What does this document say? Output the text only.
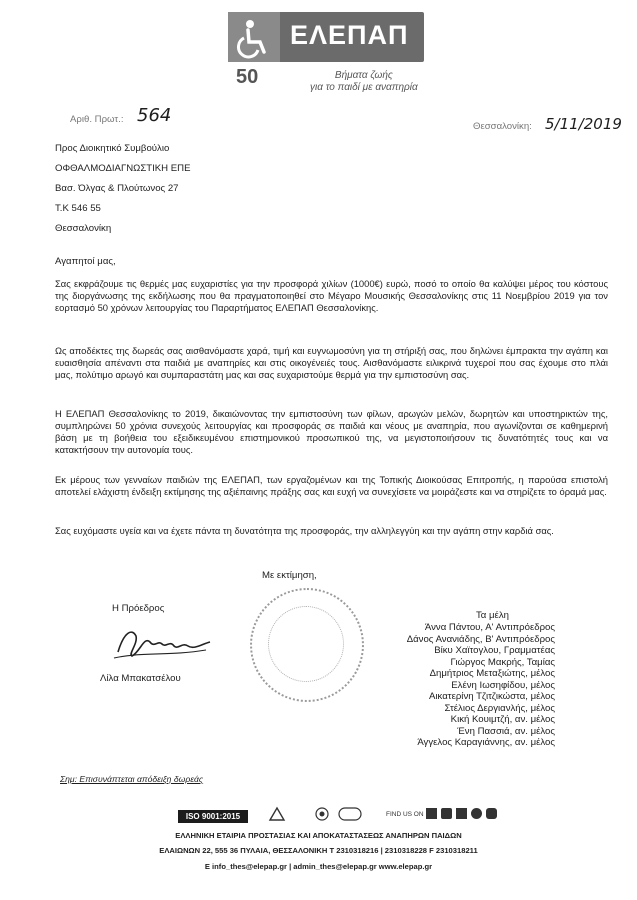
ΕΛΕΠΑΠ
50	Βήματα ζωής
για το παιδί με αναπηρία
Αριθ. Πρωτ.: 564
Θεσσαλονίκη: 5/11/2019
Προς Διοικητικό Συμβούλιο
ΟΦΘΑΛΜΟΔΙΑΓΝΩΣΤΙΚΗ ΕΠΕ
Βασ. Όλγας & Πλούτωνος 27
Τ.Κ 546 55
Θεσσαλονίκη
Αγαπητοί μας,
Σας εκφράζουμε τις θερμές μας ευχαριστίες για την προσφορά χιλίων (1000€) ευρώ, ποσό το οποίο θα καλύψει μέρος του κόστους της διοργάνωσης της εκδήλωσης που θα πραγματοποιηθεί στο Μέγαρο Μουσικής Θεσσαλονίκης στις 11 Νοεμβρίου 2019 για τον εορτασμό 50 χρόνων λειτουργίας του Παραρτήματος ΕΛΕΠΑΠ Θεσσαλονίκης.
Ως αποδέκτες της δωρεάς σας αισθανόμαστε χαρά, τιμή και ευγνωμοσύνη για τη στήριξή σας, που δηλώνει έμπρακτα την αγάπη και ευαισθησία απέναντι στα παιδιά με αναπηρίες και στις οικογένειές τους. Αισθανόμαστε ειλικρινά τυχεροί που σας έχουμε στο πλάι μας, πολύτιμο αρωγό και συμπαραστάτη μας και σας ευχαριστούμε θερμά για την εμπιστοσύνη σας.
Η ΕΛΕΠΑΠ Θεσσαλονίκης το 2019, δικαιώνοντας την εμπιστοσύνη των φίλων, αρωγών μελών, δωρητών και υποστηρικτών της, συμπληρώνει 50 χρόνια συνεχούς λειτουργίας και προσφοράς σε παιδιά και νέους με αναπηρία, που αγωνίζονται σε καθημερινή βάση με τη βοήθεια του εξειδικευμένου επιστημονικού προσωπικού της, να μεγιστοποιήσουν τις δυνατότητές τους και να κατακτήσουν την αυτονομία τους.
Εκ μέρους των γενναίων παιδιών της ΕΛΕΠΑΠ, των εργαζομένων και της Τοπικής Διοικούσας Επιτροπής, η παρούσα επιστολή αποτελεί ελάχιστη ένδειξη εκτίμησης της αξιέπαινης πράξης σας και ευχή να συνεχίσετε να μοιράζεστε και να στηρίζετε το όραμά μας.
Σας ευχόμαστε υγεία και να έχετε πάντα τη δυνατότητα της προσφοράς, την αλληλεγγύη και την αγάπη στην καρδιά σας.
Με εκτίμηση,
Η Πρόεδρος
Λίλα Μπακατσέλου
Τα μέλη
Άννα Πάντου, Α' Αντιπρόεδρος
Δάνος Ανανιάδης, Β' Αντιπρόεδρος
Βίκυ Χαϊτογλου, Γραμματέας
Γιώργος Μακρής, Ταμίας
Δημήτριος Μεταξιώτης, μέλος
Ελένη Ιωσηφίδου, μέλος
Αικατερίνη Τζιτζικώστα, μέλος
Στέλιος Δεργιανλής, μέλος
Κική Κουιμτζή, αν. μέλος
Ένη Πασσιά, αν. μέλος
Άγγελος Καραγιάννης, αν. μέλος
Σημ: Επισυνάπτεται απόδειξη δωρεάς
ISO 9001:2015	FIND US ON
ΕΛΛΗΝΙΚΗ ΕΤΑΙΡΙΑ ΠΡΟΣΤΑΣΙΑΣ ΚΑΙ ΑΠΟΚΑΤΑΣΤΑΣΕΩΣ ΑΝΑΠΗΡΩΝ ΠΑΙΔΩΝ
ΕΛΑΙΩΝΩΝ 22, 555 36 ΠΥΛΑΙΑ, ΘΕΣΣΑΛΟΝΙΚΗ Τ 2310318216 | 2310318228 F 2310318211
E info_thes@elepap.gr | admin_thes@elepap.gr www.elepap.gr
